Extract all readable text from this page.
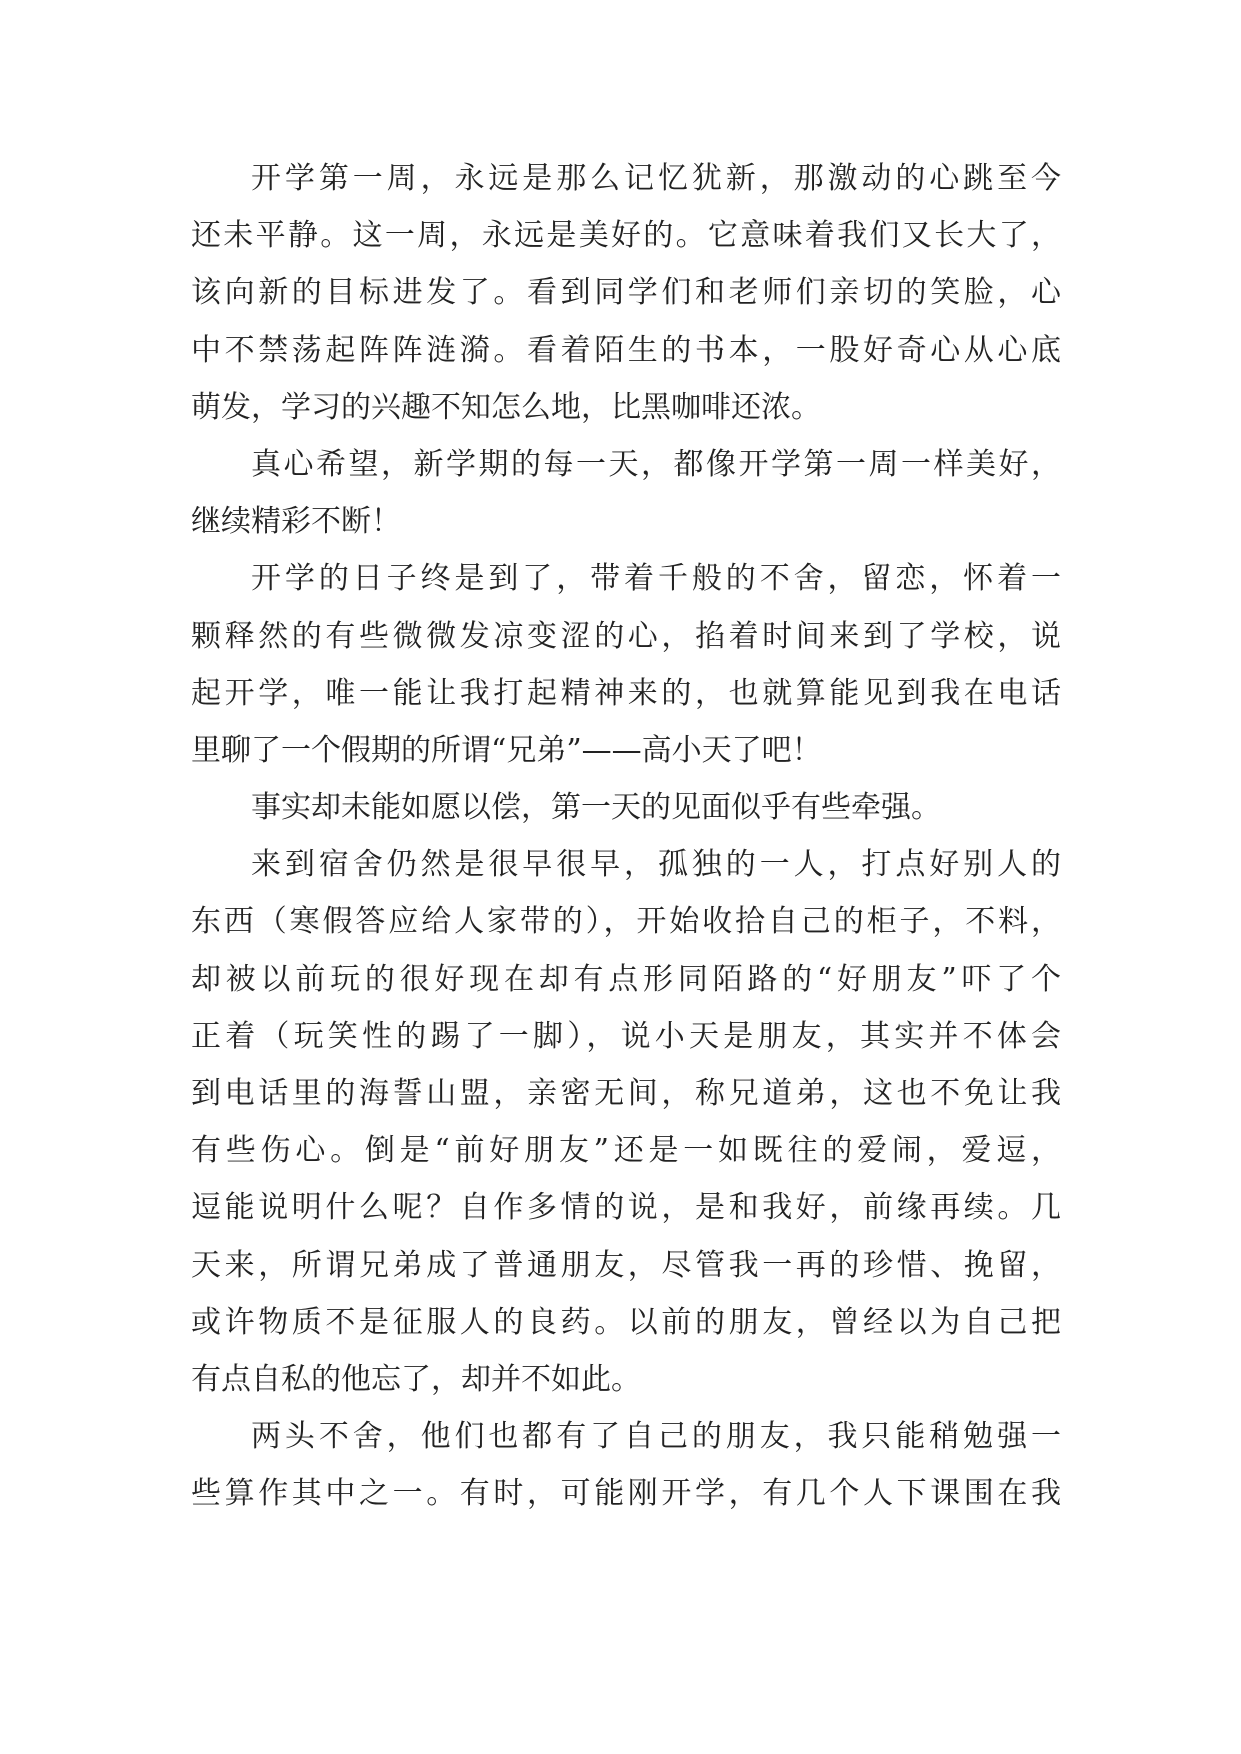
开学第一周，永远是那么记忆犹新，那激动的心跳至今
还未平静。这一周，永远是美好的。它意味着我们又长大了，
该向新的目标进发了。看到同学们和老师们亲切的笑脸，心
中不禁荡起阵阵涟漪。看着陌生的书本，一股好奇心从心底
萌发，学习的兴趣不知怎么地，比黑咖啡还浓。
真心希望，新学期的每一天，都像开学第一周一样美好，
继续精彩不断！
开学的日子终是到了，带着千般的不舍，留恋，怀着一
颗释然的有些微微发凉变涩的心，掐着时间来到了学校，说
起开学，唯一能让我打起精神来的，也就算能见到我在电话
里聊了一个假期的所谓“兄弟”——高小天了吧！
事实却未能如愿以偿，第一天的见面似乎有些牵强。
来到宿舍仍然是很早很早，孤独的一人，打点好别人的
东西（寒假答应给人家带的），开始收拾自己的柜子，不料，
却被以前玩的很好现在却有点形同陌路的“好朋友”吓了个
正着（玩笑性的踢了一脚），说小天是朋友，其实并不体会
到电话里的海誓山盟，亲密无间，称兄道弟，这也不免让我
有些伤心。倒是“前好朋友”还是一如既往的爱闹，爱逗，
逗能说明什么呢？自作多情的说，是和我好，前缘再续。几
天来，所谓兄弟成了普通朋友，尽管我一再的珍惜、挽留，
或许物质不是征服人的良药。以前的朋友，曾经以为自己把
有点自私的他忘了，却并不如此。
两头不舍，他们也都有了自己的朋友，我只能稍勉强一
些算作其中之一。有时，可能刚开学，有几个人下课围在我
